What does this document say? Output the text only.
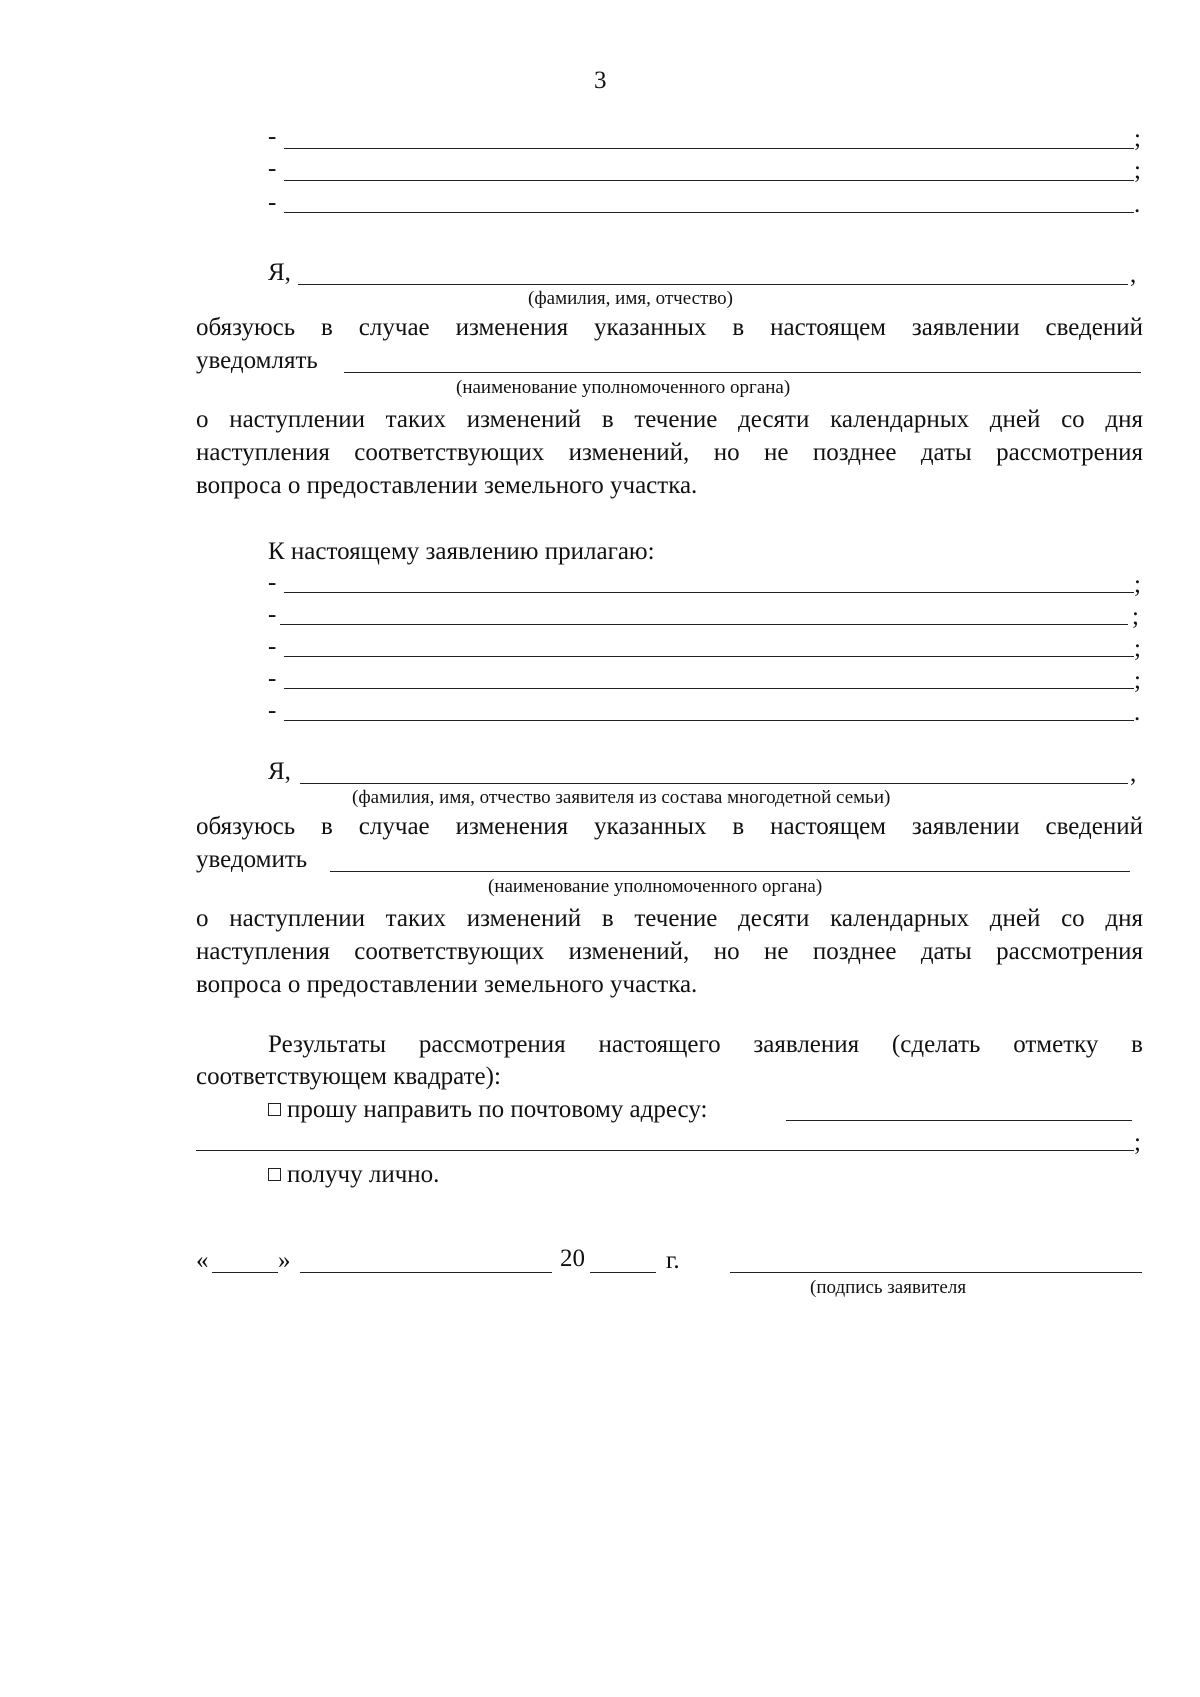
3
-	;
-	;
-	.
Я,	,
(фамилия, имя, отчество)
обязуюсь в случае изменения указанных в настоящем заявлении сведений
уведомлять
(наименование уполномоченного органа)
о наступлении таких изменений в течение десяти календарных дней со дня
наступления соответствующих изменений, но не позднее даты рассмотрения
вопроса о предоставлении земельного участка.
К настоящему заявлению прилагаю:
-	;
-	;
-	;
-	;
-	.
Я,	,
(фамилия, имя, отчество заявителя из состава многодетной семьи)
обязуюсь в случае изменения указанных в настоящем заявлении сведений
уведомить
(наименование уполномоченного органа)
о наступлении таких изменений в течение десяти календарных дней со дня
наступления соответствующих изменений, но не позднее даты рассмотрения
вопроса о предоставлении земельного участка.
Результаты рассмотрения настоящего заявления (сделать отметку в
соответствующем квадрате):
прошу направить по почтовому адресу:
;
получу лично.
«	»	20	г.
(подпись заявителя
